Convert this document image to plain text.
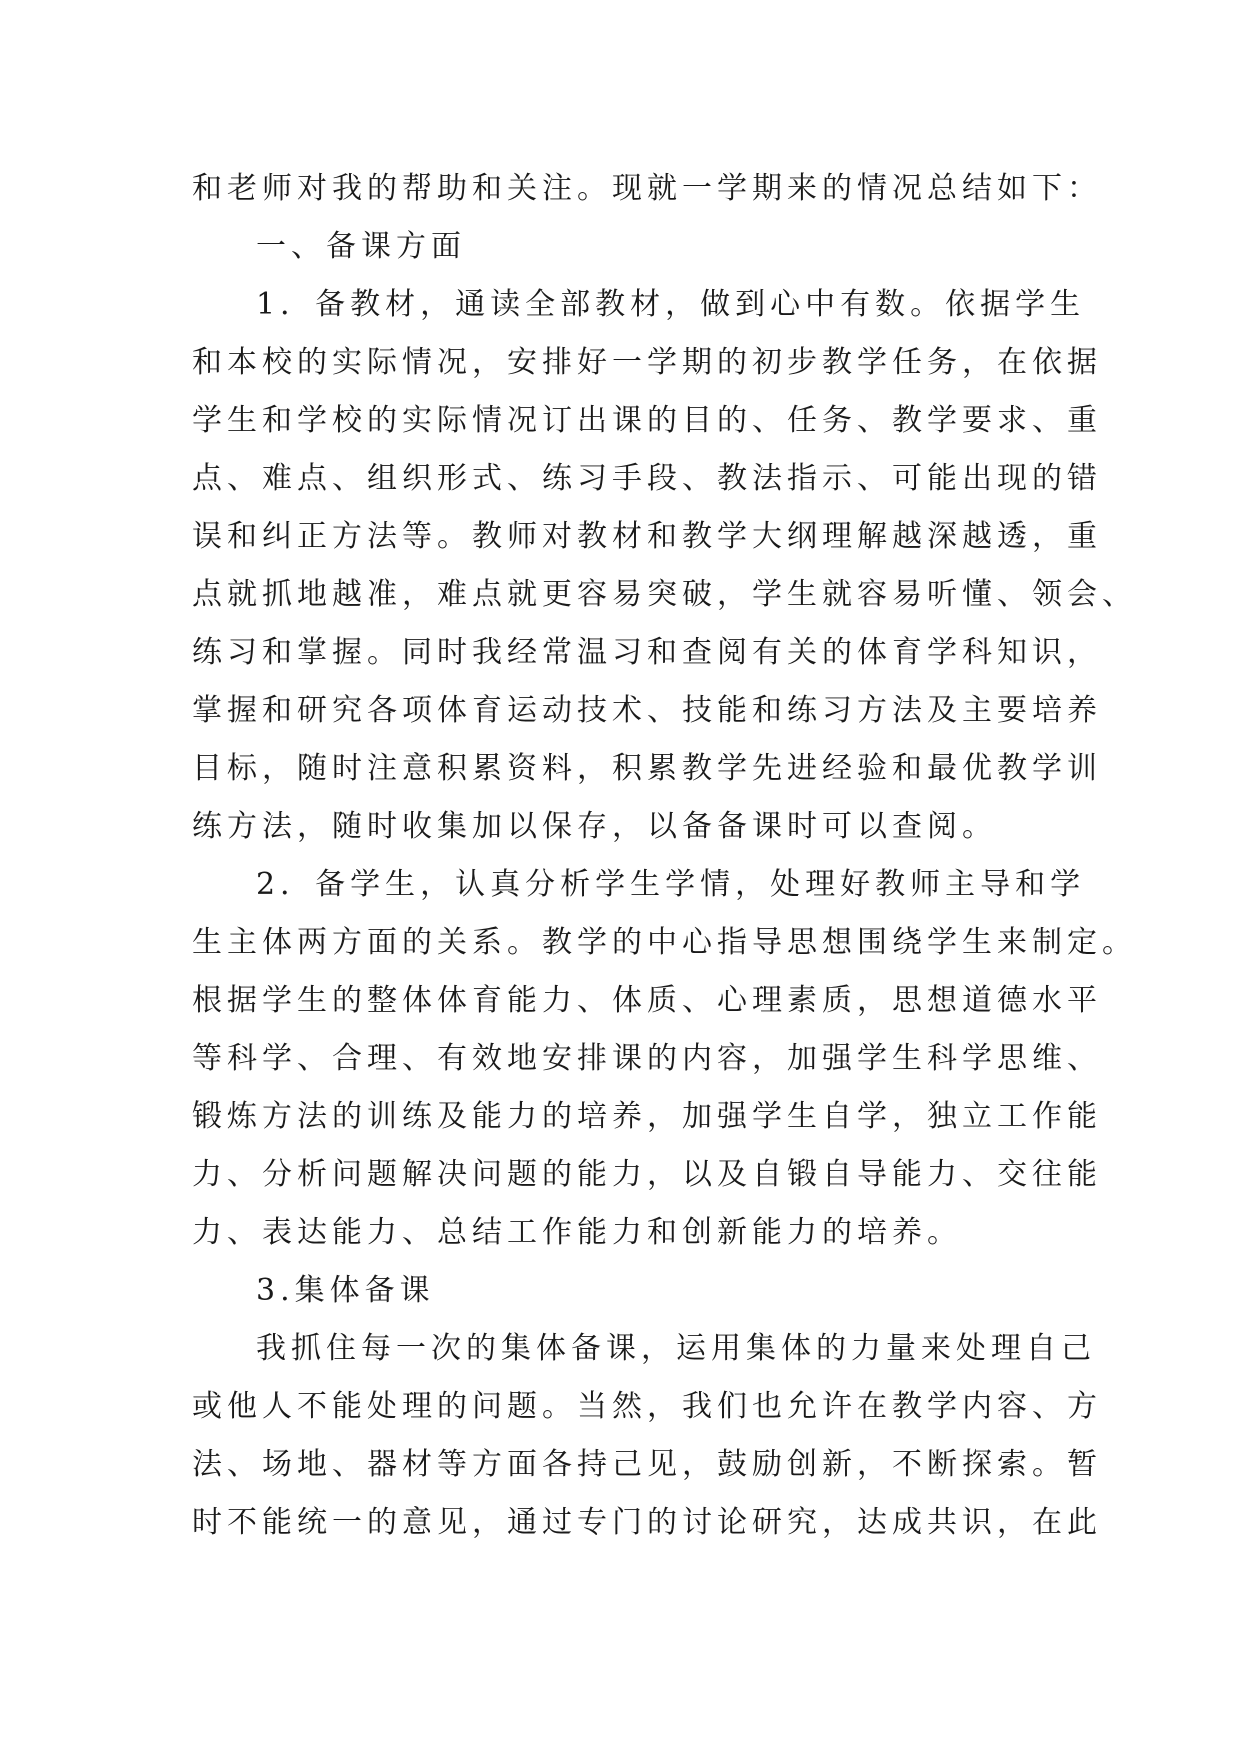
和老师对我的帮助和关注。现就一学期来的情况总结如下：
一、备课方面
1．备教材，通读全部教材，做到心中有数。依据学生
和本校的实际情况，安排好一学期的初步教学任务，在依据
学生和学校的实际情况订出课的目的、任务、教学要求、重
点、难点、组织形式、练习手段、教法指示、可能出现的错
误和纠正方法等。教师对教材和教学大纲理解越深越透，重
点就抓地越准，难点就更容易突破，学生就容易听懂、领会、
练习和掌握。同时我经常温习和查阅有关的体育学科知识，
掌握和研究各项体育运动技术、技能和练习方法及主要培养
目标，随时注意积累资料，积累教学先进经验和最优教学训
练方法，随时收集加以保存，以备备课时可以查阅。
2．备学生，认真分析学生学情，处理好教师主导和学
生主体两方面的关系。教学的中心指导思想围绕学生来制定。
根据学生的整体体育能力、体质、心理素质，思想道德水平
等科学、合理、有效地安排课的内容，加强学生科学思维、
锻炼方法的训练及能力的培养，加强学生自学，独立工作能
力、分析问题解决问题的能力，以及自锻自导能力、交往能
力、表达能力、总结工作能力和创新能力的培养。
3.集体备课
我抓住每一次的集体备课，运用集体的力量来处理自己
或他人不能处理的问题。当然，我们也允许在教学内容、方
法、场地、器材等方面各持己见，鼓励创新，不断探索。暂
时不能统一的意见，通过专门的讨论研究，达成共识，在此
